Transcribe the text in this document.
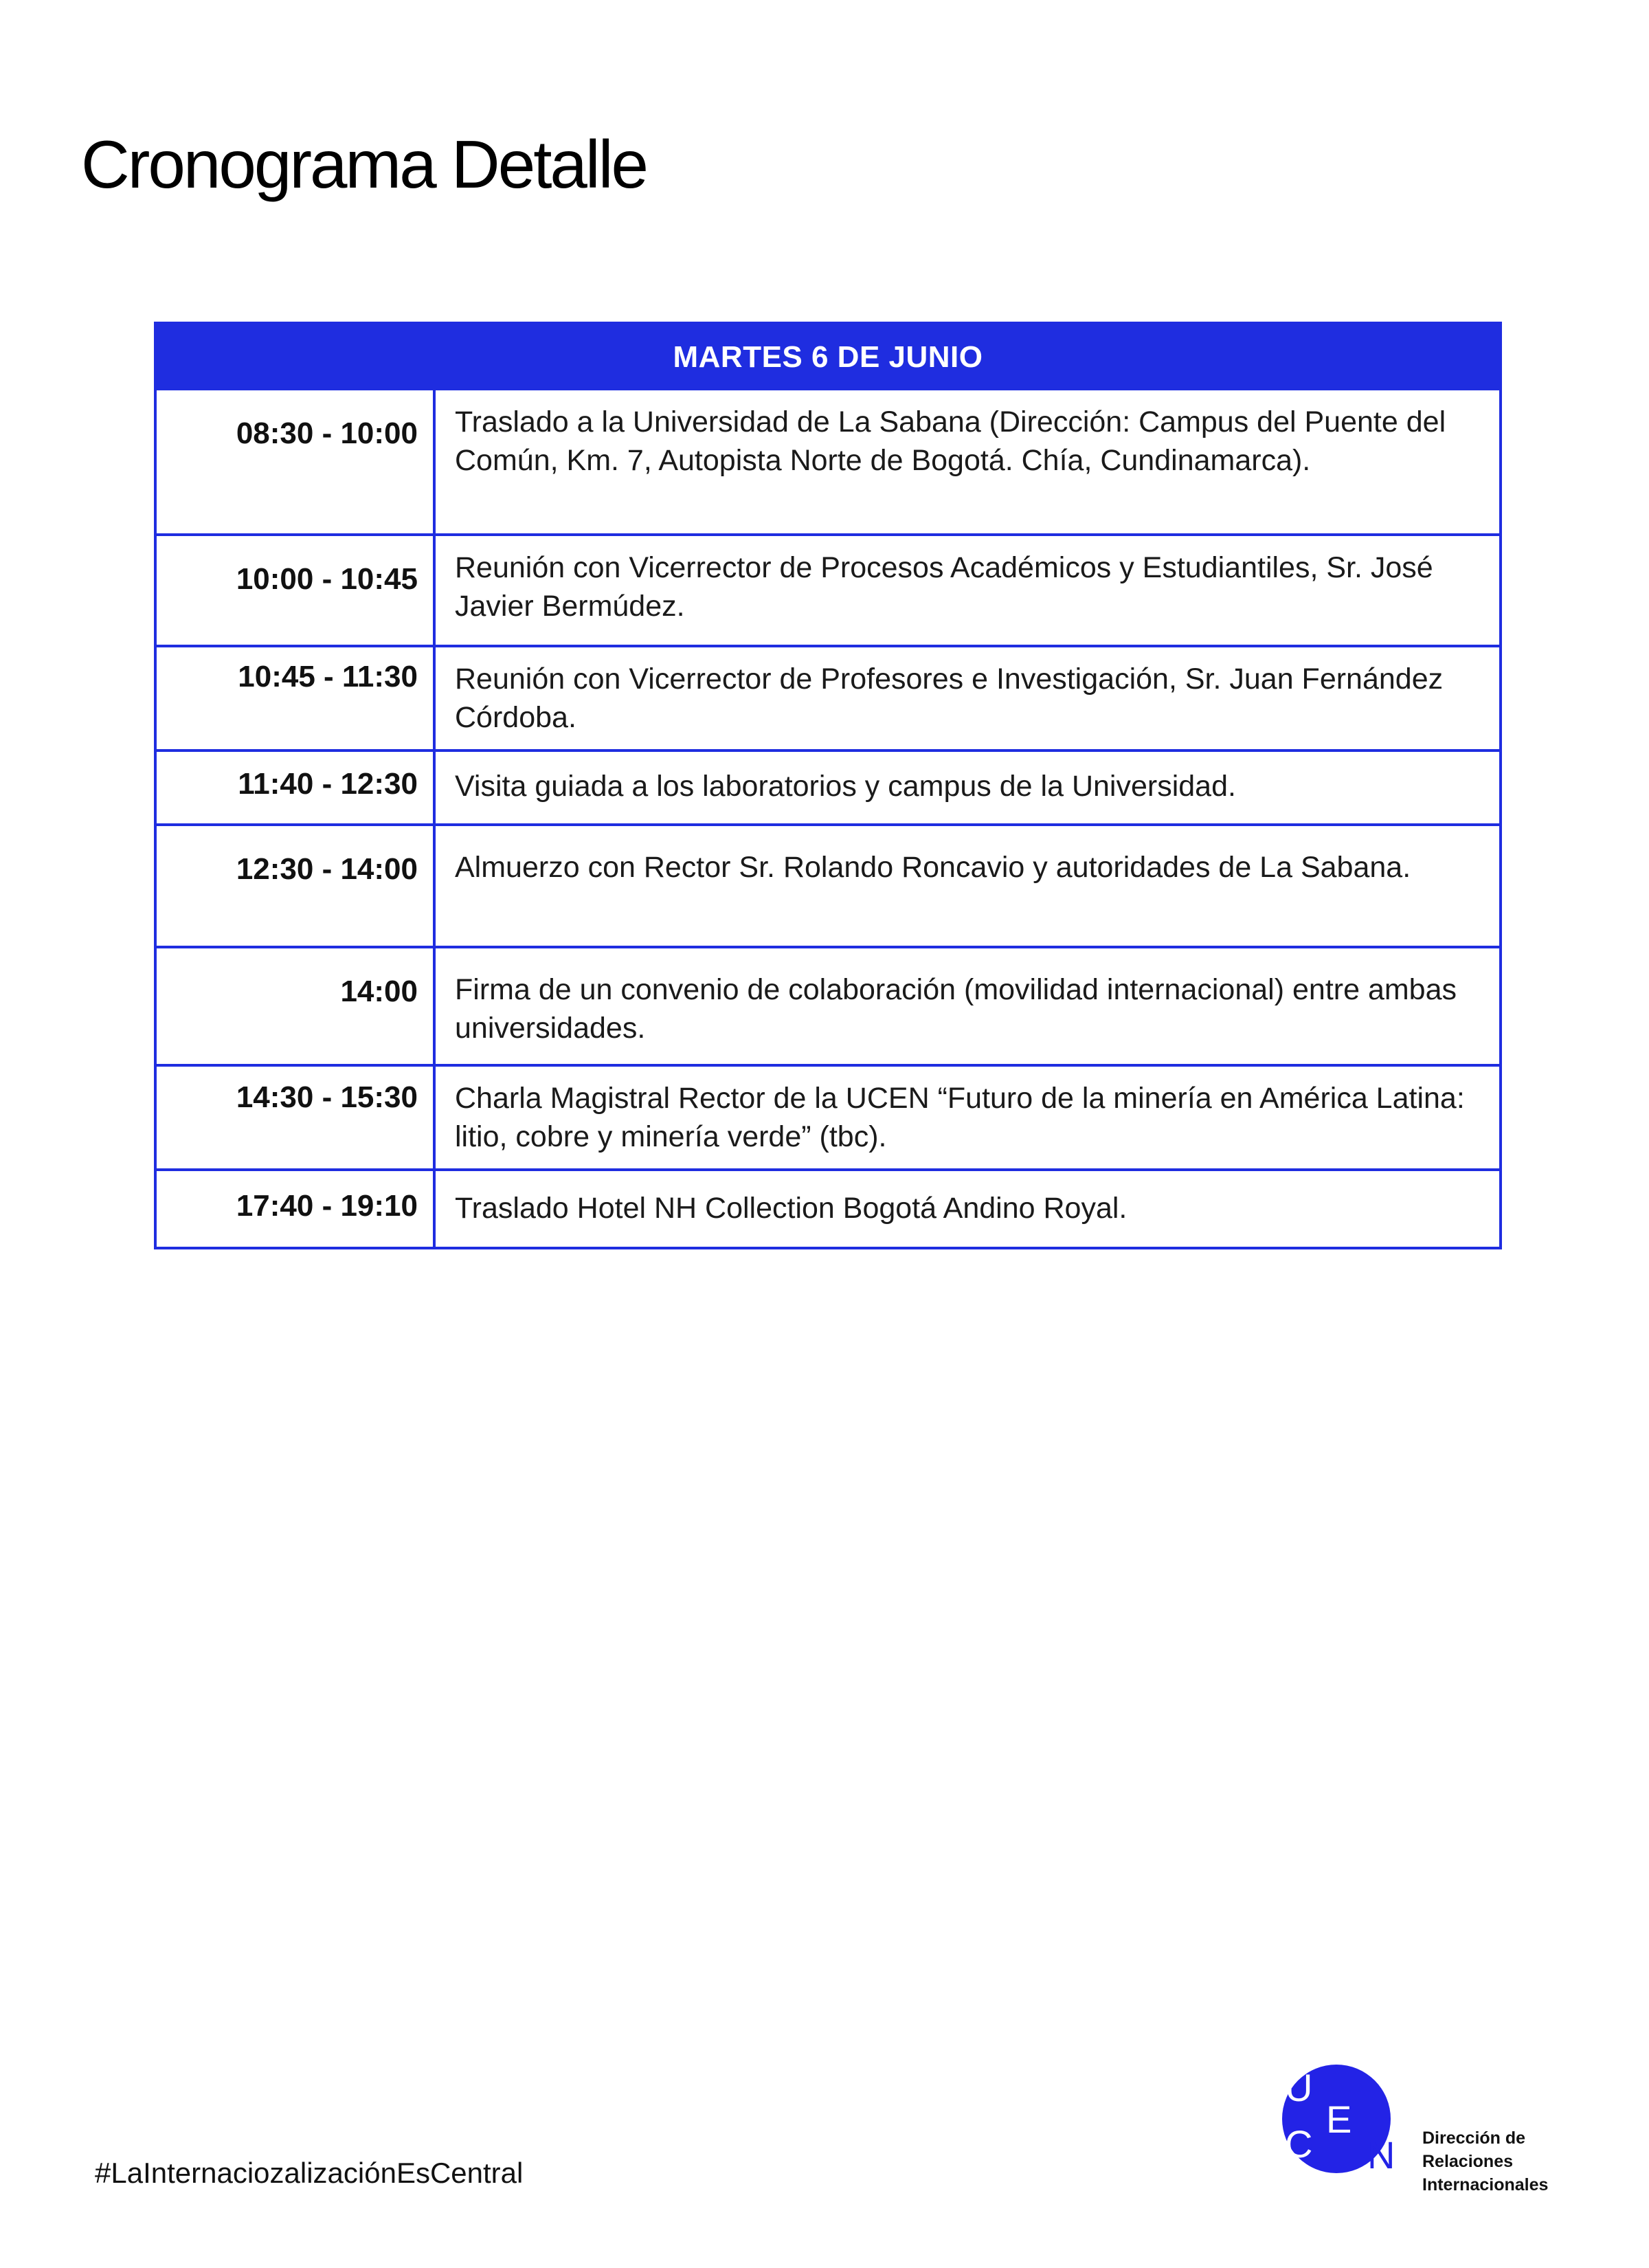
Cronograma Detalle
MARTES 6 DE JUNIO
08:30 - 10:00	Traslado a la Universidad de La Sabana (Dirección: Campus del Puente del Común, Km. 7, Autopista Norte de Bogotá. Chía, Cundinamarca).
10:00 - 10:45	Reunión con Vicerrector de Procesos Académicos y Estudiantiles, Sr. José Javier Bermúdez.
10:45 - 11:30	Reunión con Vicerrector de Profesores e Investigación, Sr. Juan Fernández Córdoba.
11:40 - 12:30	Visita guiada a los laboratorios y campus de la Universidad.
12:30 - 14:00	Almuerzo con Rector Sr. Rolando Roncavio y autoridades de La Sabana.
14:00	Firma de un convenio de colaboración (movilidad internacional) entre ambas universidades.
14:30 - 15:30	Charla Magistral Rector de la UCEN “Futuro de la minería en América Latina: litio, cobre y minería verde” (tbc).
17:40 - 19:10	Traslado Hotel NH Collection Bogotá Andino Royal.
#LaInternaciozalizaciónEsCentral
U
C
E
N Dirección de
Relaciones
Internacionales
